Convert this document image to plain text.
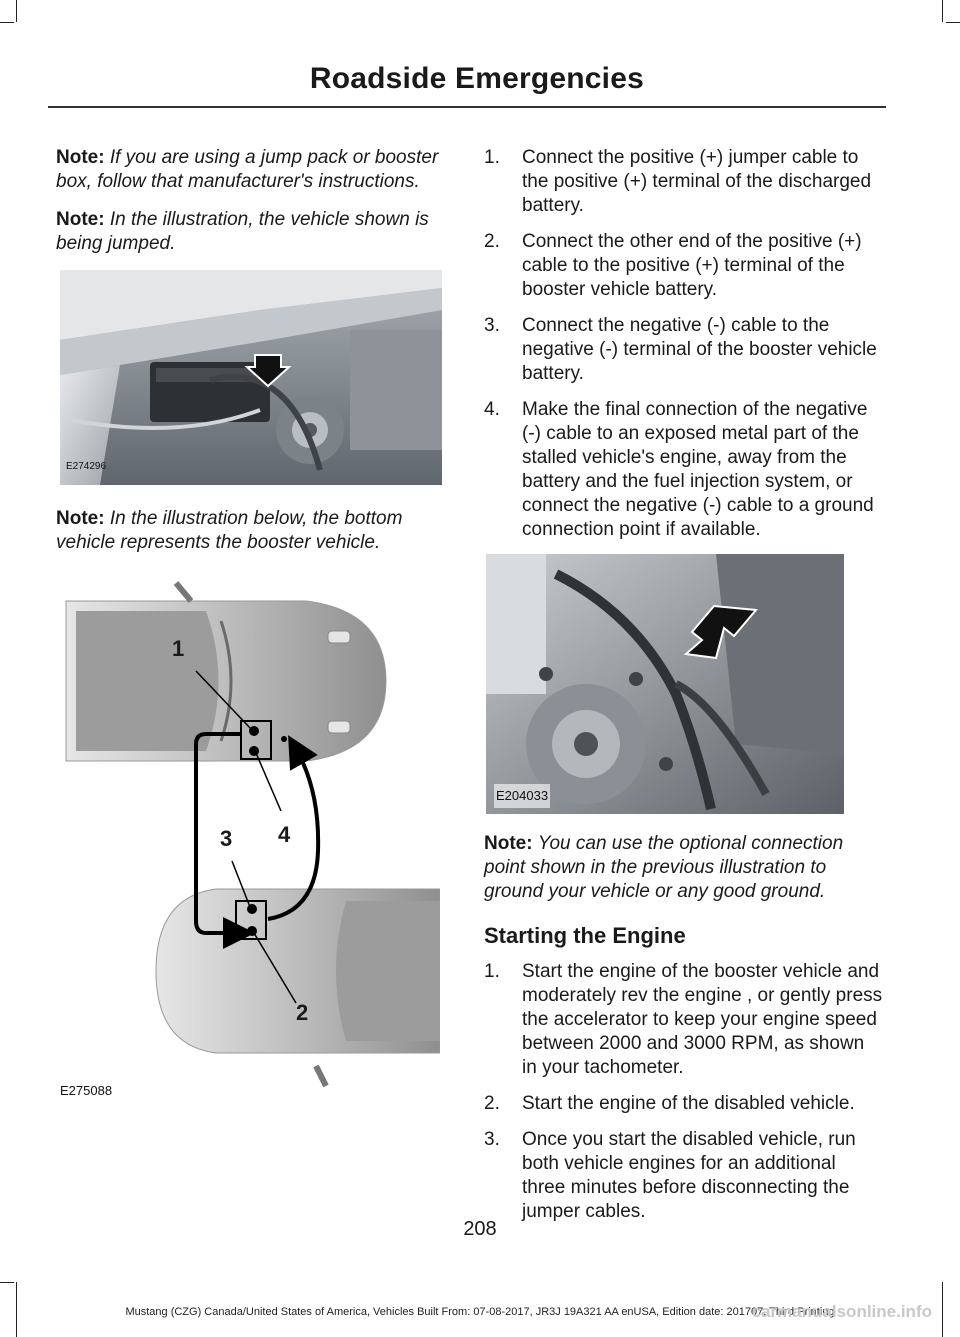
Roadside Emergencies

Note: If you are using a jump pack or booster box, follow that manufacturer's instructions.

Note: In the illustration, the vehicle shown is being jumped.

E274296

Note: In the illustration below, the bottom vehicle represents the booster vehicle.

1
2
3 4
E275088
1.	Connect the positive (+) jumper cable to the positive (+) terminal of the discharged battery.
2.	Connect the other end of the positive (+) cable to the positive (+) terminal of the booster vehicle battery.
3.	Connect the negative (-) cable to the negative (-) terminal of the booster vehicle battery.
4.	Make the final connection of the negative (-) cable to an exposed metal part of the stalled vehicle's engine, away from the battery and the fuel injection system, or connect the negative (-) cable to a ground connection point if available.
E204033

Note: You can use the optional connection point shown in the previous illustration to ground your vehicle or any good ground.

Starting the Engine
1.	Start the engine of the booster vehicle and moderately rev the engine , or gently press the accelerator to keep your engine speed between 2000 and 3000 RPM, as shown in your tachometer.
2.	Start the engine of the disabled vehicle.
3.	Once you start the disabled vehicle, run both vehicle engines for an additional three minutes before disconnecting the jumper cables.
208
Mustang (CZG) Canada/United States of America, Vehicles Built From: 07-08-2017, JR3J 19A321 AA enUSA, Edition date: 201707, Third Printing
carmanualsonline.info
